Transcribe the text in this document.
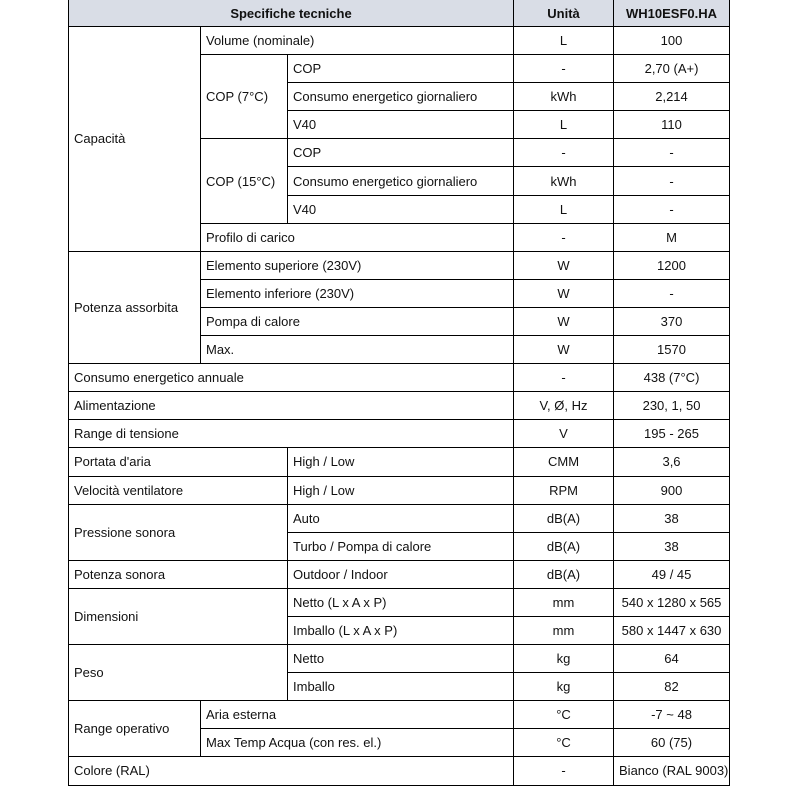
Specifiche tecniche			Unità	WH10ESF0.HA
Capacità	Volume (nominale)		L	100
	COP (7°C)	COP	-	2,70 (A+)
		Consumo energetico giornaliero	kWh	2,214
		V40	L	110
	COP (15°C)	COP	-	-
		Consumo energetico giornaliero	kWh	-
		V40	L	-
	Profilo di carico		-	M
Potenza assorbita	Elemento superiore (230V)		W	1200
	Elemento inferiore (230V)		W	-
	Pompa di calore		W	370
	Max.		W	1570
Consumo energetico annuale			-	438 (7°C)
Alimentazione			V, Ø, Hz	230, 1, 50
Range di tensione			V	195 - 265
Portata d'aria		High / Low	CMM	3,6
Velocità ventilatore		High / Low	RPM	900
Pressione sonora		Auto	dB(A)	38
		Turbo / Pompa di calore	dB(A)	38
Potenza sonora		Outdoor / Indoor	dB(A)	49 / 45
Dimensioni		Netto (L x A x P)	mm	540 x 1280 x 565
		Imballo (L x A x P)	mm	580 x 1447 x 630
Peso		Netto	kg	64
		Imballo	kg	82
Range operativo	Aria esterna		°C	-7 ~ 48
	Max Temp Acqua (con res. el.)		°C	60 (75)
Colore (RAL)			-	Bianco (RAL 9003)
